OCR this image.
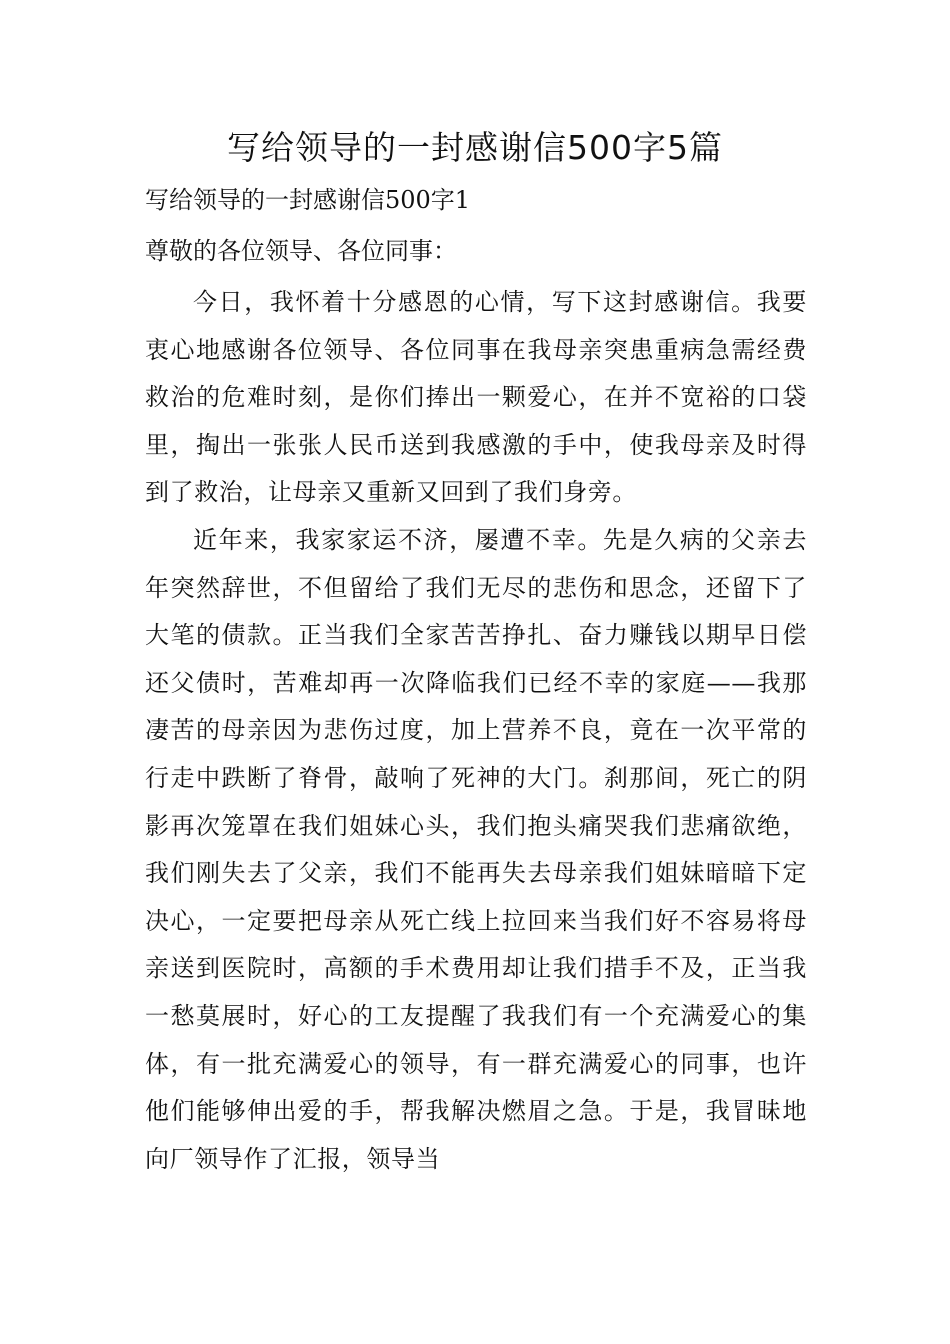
写给领导的一封感谢信500字5篇
写给领导的一封感谢信500字1
尊敬的各位领导、各位同事：

今日，我怀着十分感恩的心情，写下这封感谢信。我要衷心地感谢各位领导、各位同事在我母亲突患重病急需经费救治的危难时刻，是你们捧出一颗爱心，在并不宽裕的口袋里，掏出一张张人民币送到我感激的手中，使我母亲及时得到了救治，让母亲又重新又回到了我们身旁。

近年来，我家家运不济，屡遭不幸。先是久病的父亲去年突然辞世，不但留给了我们无尽的悲伤和思念，还留下了大笔的债款。正当我们全家苦苦挣扎、奋力赚钱以期早日偿还父债时，苦难却再一次降临我们已经不幸的家庭——我那凄苦的母亲因为悲伤过度，加上营养不良，竟在一次平常的行走中跌断了脊骨，敲响了死神的大门。刹那间，死亡的阴影再次笼罩在我们姐妹心头，我们抱头痛哭我们悲痛欲绝，我们刚失去了父亲，我们不能再失去母亲我们姐妹暗暗下定决心，一定要把母亲从死亡线上拉回来当我们好不容易将母亲送到医院时，高额的手术费用却让我们措手不及，正当我一愁莫展时，好心的工友提醒了我我们有一个充满爱心的集体，有一批充满爱心的领导，有一群充满爱心的同事，也许他们能够伸出爱的手，帮我解决燃眉之急。于是，我冒昧地向厂领导作了汇报，领导当
